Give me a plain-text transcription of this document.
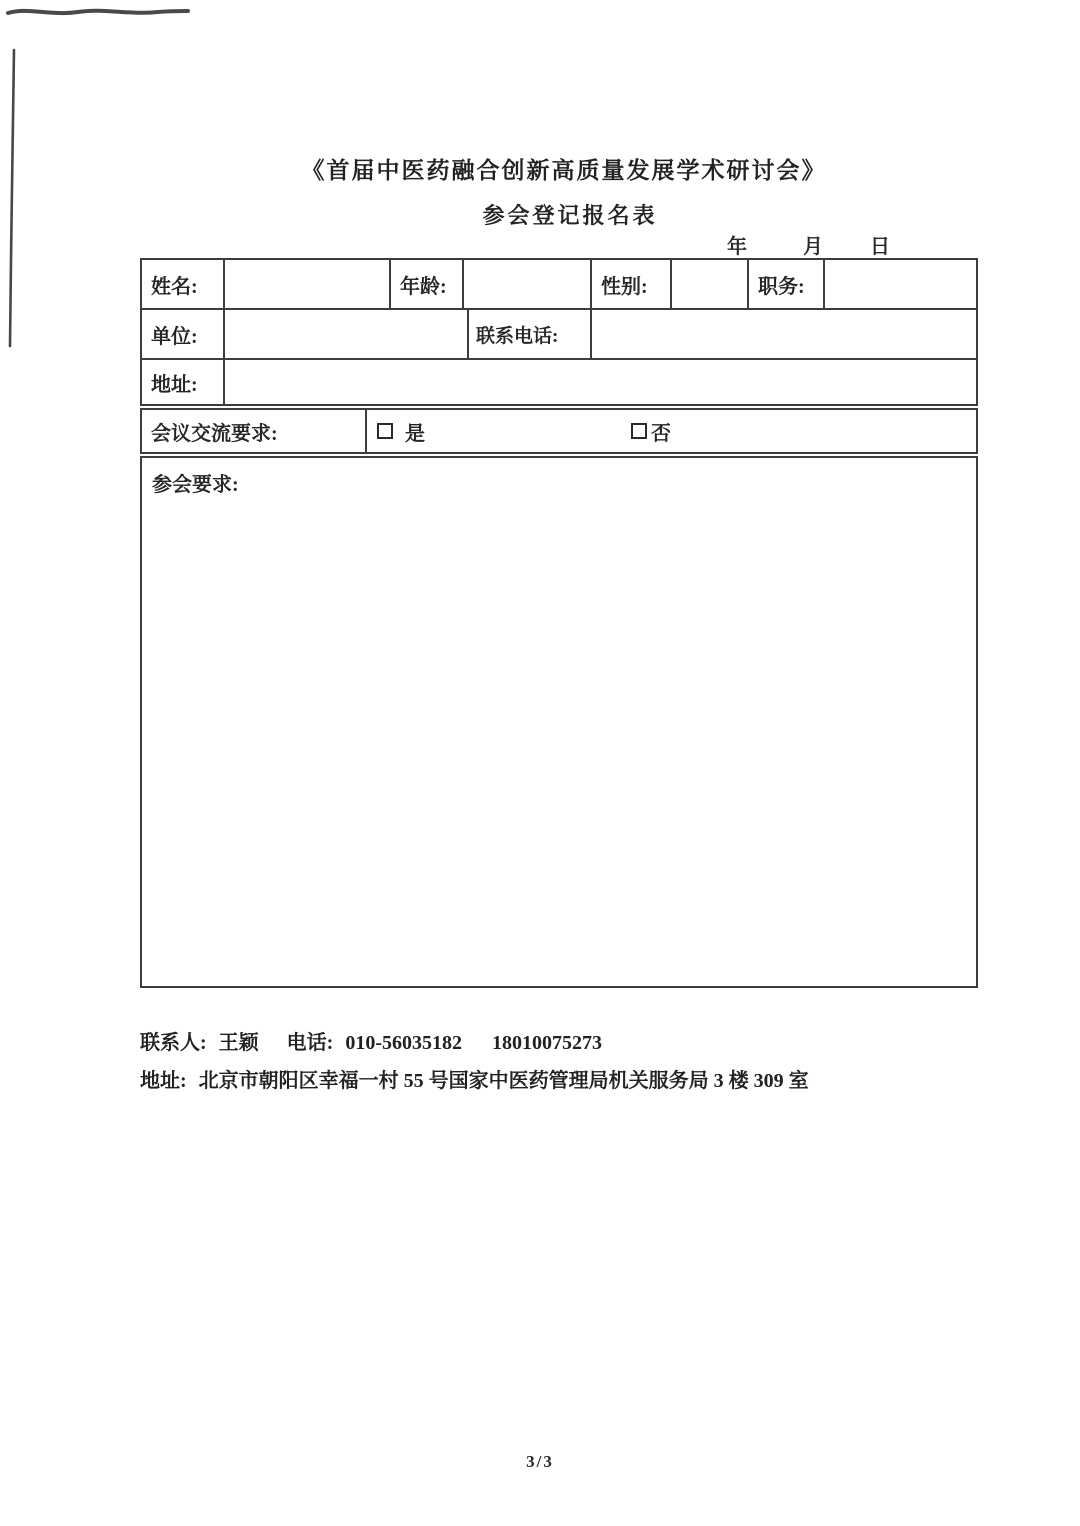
《首届中医药融合创新高质量发展学术研讨会》
参会登记报名表
年	月	日
姓名:	年龄:	性别:	职务:
单位:	联系电话:
地址:
会议交流要求:	是	否
参会要求:
联系人: 王颖 电话: 010-56035182 18010075273
地址: 北京市朝阳区幸福一村 55 号国家中医药管理局机关服务局 3 楼 309 室
3/3
